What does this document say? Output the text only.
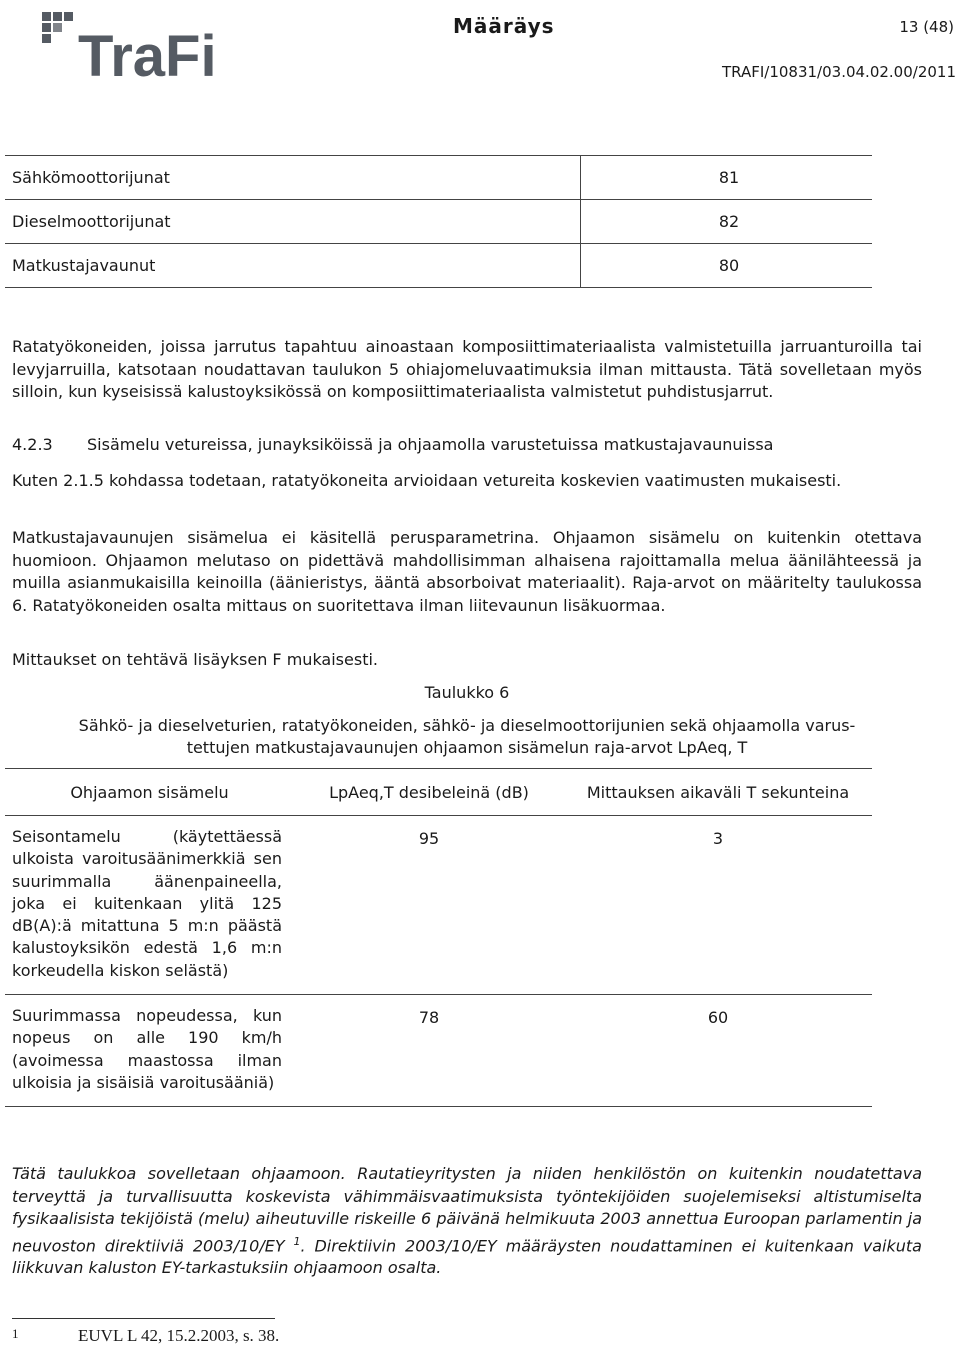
TraFi	Määräys	13 (48)
TRAFI/10831/03.04.02.00/2011
Sähkömoottorijunat	81
Dieselmoottorijunat	82
Matkustajavaunut	80

Ratatyökoneiden, joissa jarrutus tapahtuu ainoastaan komposiittimateriaalista valmistetuilla jarruanturoilla tai levyjarruilla, katsotaan noudattavan taulukon 5 ohiajomeluvaatimuksia ilman mittausta. Tätä sovelletaan myös silloin, kun kyseisissä kalustoyksikössä on komposiittimateriaalista valmistetut puhdistusjarrut.

4.2.3 Sisämelu vetureissa, junayksiköissä ja ohjaamolla varustetuissa matkustajavaunuissa

Kuten 2.1.5 kohdassa todetaan, ratatyökoneita arvioidaan vetureita koskevien vaatimusten mukaisesti.

Matkustajavaunujen sisämelua ei käsitellä perusparametrina. Ohjaamon sisämelu on kuitenkin otettava huomioon. Ohjaamon melutaso on pidettävä mahdollisimman alhaisena rajoittamalla melua äänilähteessä ja muilla asianmukaisilla keinoilla (äänieristys, ääntä absorboivat materiaalit). Raja-arvot on määritelty taulukossa 6. Ratatyökoneiden osalta mittaus on suoritettava ilman liitevaunun lisäkuormaa.

Mittaukset on tehtävä lisäyksen F mukaisesti.

Taulukko 6
Sähkö- ja dieselveturien, ratatyökoneiden, sähkö- ja dieselmoottorijunien sekä ohjaamolla varus-
tettujen matkustajavaunujen ohjaamon sisämelun raja-arvot LpAeq, T
Ohjaamon sisämelu	LpAeq,T desibeleinä (dB)	Mittauksen aikaväli T sekunteina
Seisontamelu (käytettäessä ulkoista varoitusäänimerkkiä sen suurimmalla äänenpaineella, joka ei kuitenkaan ylitä 125 dB(A):ä mitattuna 5 m:n päästä kalustoyksikön edestä 1,6 m:n korkeudella kiskon selästä)	95	3
Suurimmassa nopeudessa, kun nopeus on alle 190 km/h (avoimessa maastossa ilman ulkoisia ja sisäisiä varoitusääniä)	78	60

Tätä taulukkoa sovelletaan ohjaamoon. Rautatieyritysten ja niiden henkilöstön on kuitenkin noudatettava terveyttä ja turvallisuutta koskevista vähimmäisvaatimuksista työntekijöiden suojelemiseksi altistumiselta fysikaalisista tekijöistä (melu) aiheutuville riskeille 6 päivänä helmikuuta 2003 annettua Euroopan parlamentin ja neuvoston direktiiviä 2003/10/EY $^1$. Direktiivin 2003/10/EY määräysten noudattaminen ei kuitenkaan vaikuta liikkuvan kaluston EY-tarkastuksiin ohjaamoon osalta.

1	EUVL L 42, 15.2.2003, s. 38.
